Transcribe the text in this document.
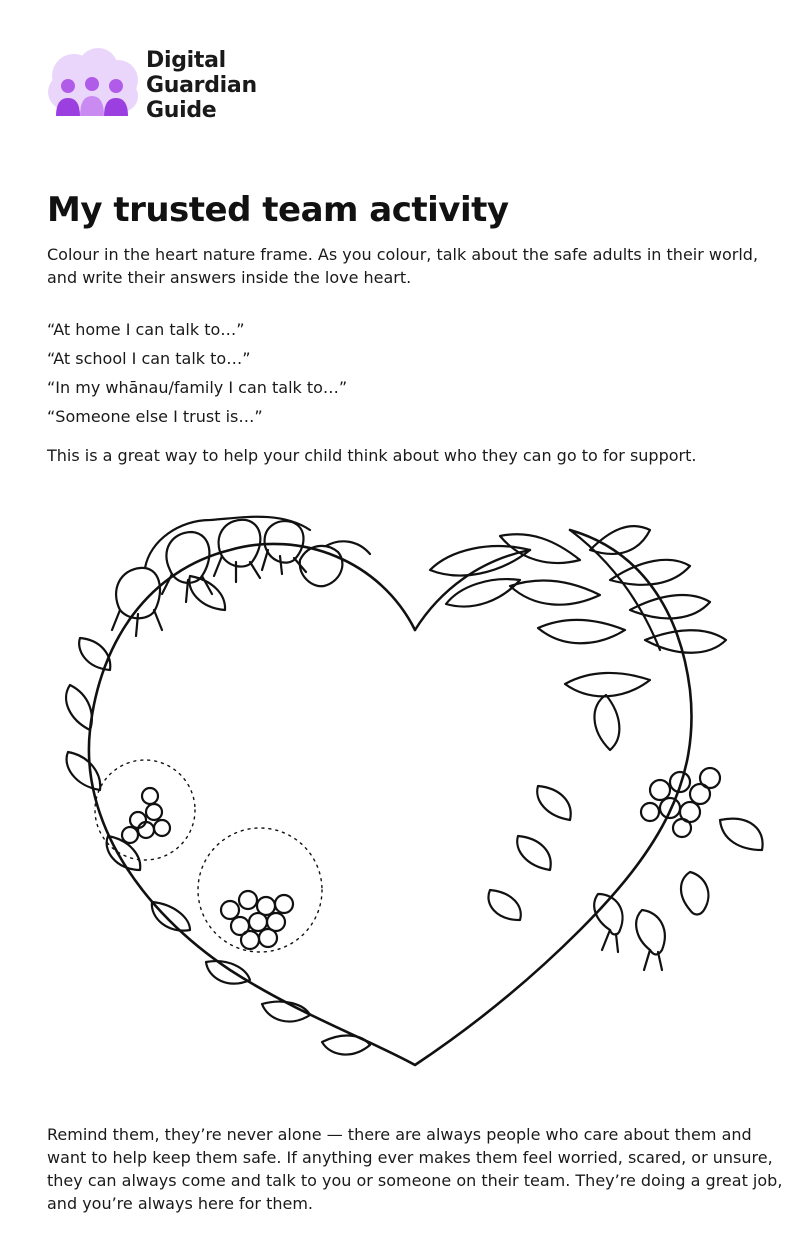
Digital
Guardian
Guide
My trusted team activity

Colour in the heart nature frame. As you colour, talk about the safe adults in their world, and write their answers inside the love heart.

“At home I can talk to…”
“At school I can talk to…”
“In my whānau/family I can talk to…”
“Someone else I trust is…”

This is a great way to help your child think about who they can go to for support.

Remind them, they’re never alone — there are always people who care about them and want to help keep them safe. If anything ever makes them feel worried, scared, or unsure, they can always come and talk to you or someone on their team. They’re doing a great job, and you’re always here for them.
